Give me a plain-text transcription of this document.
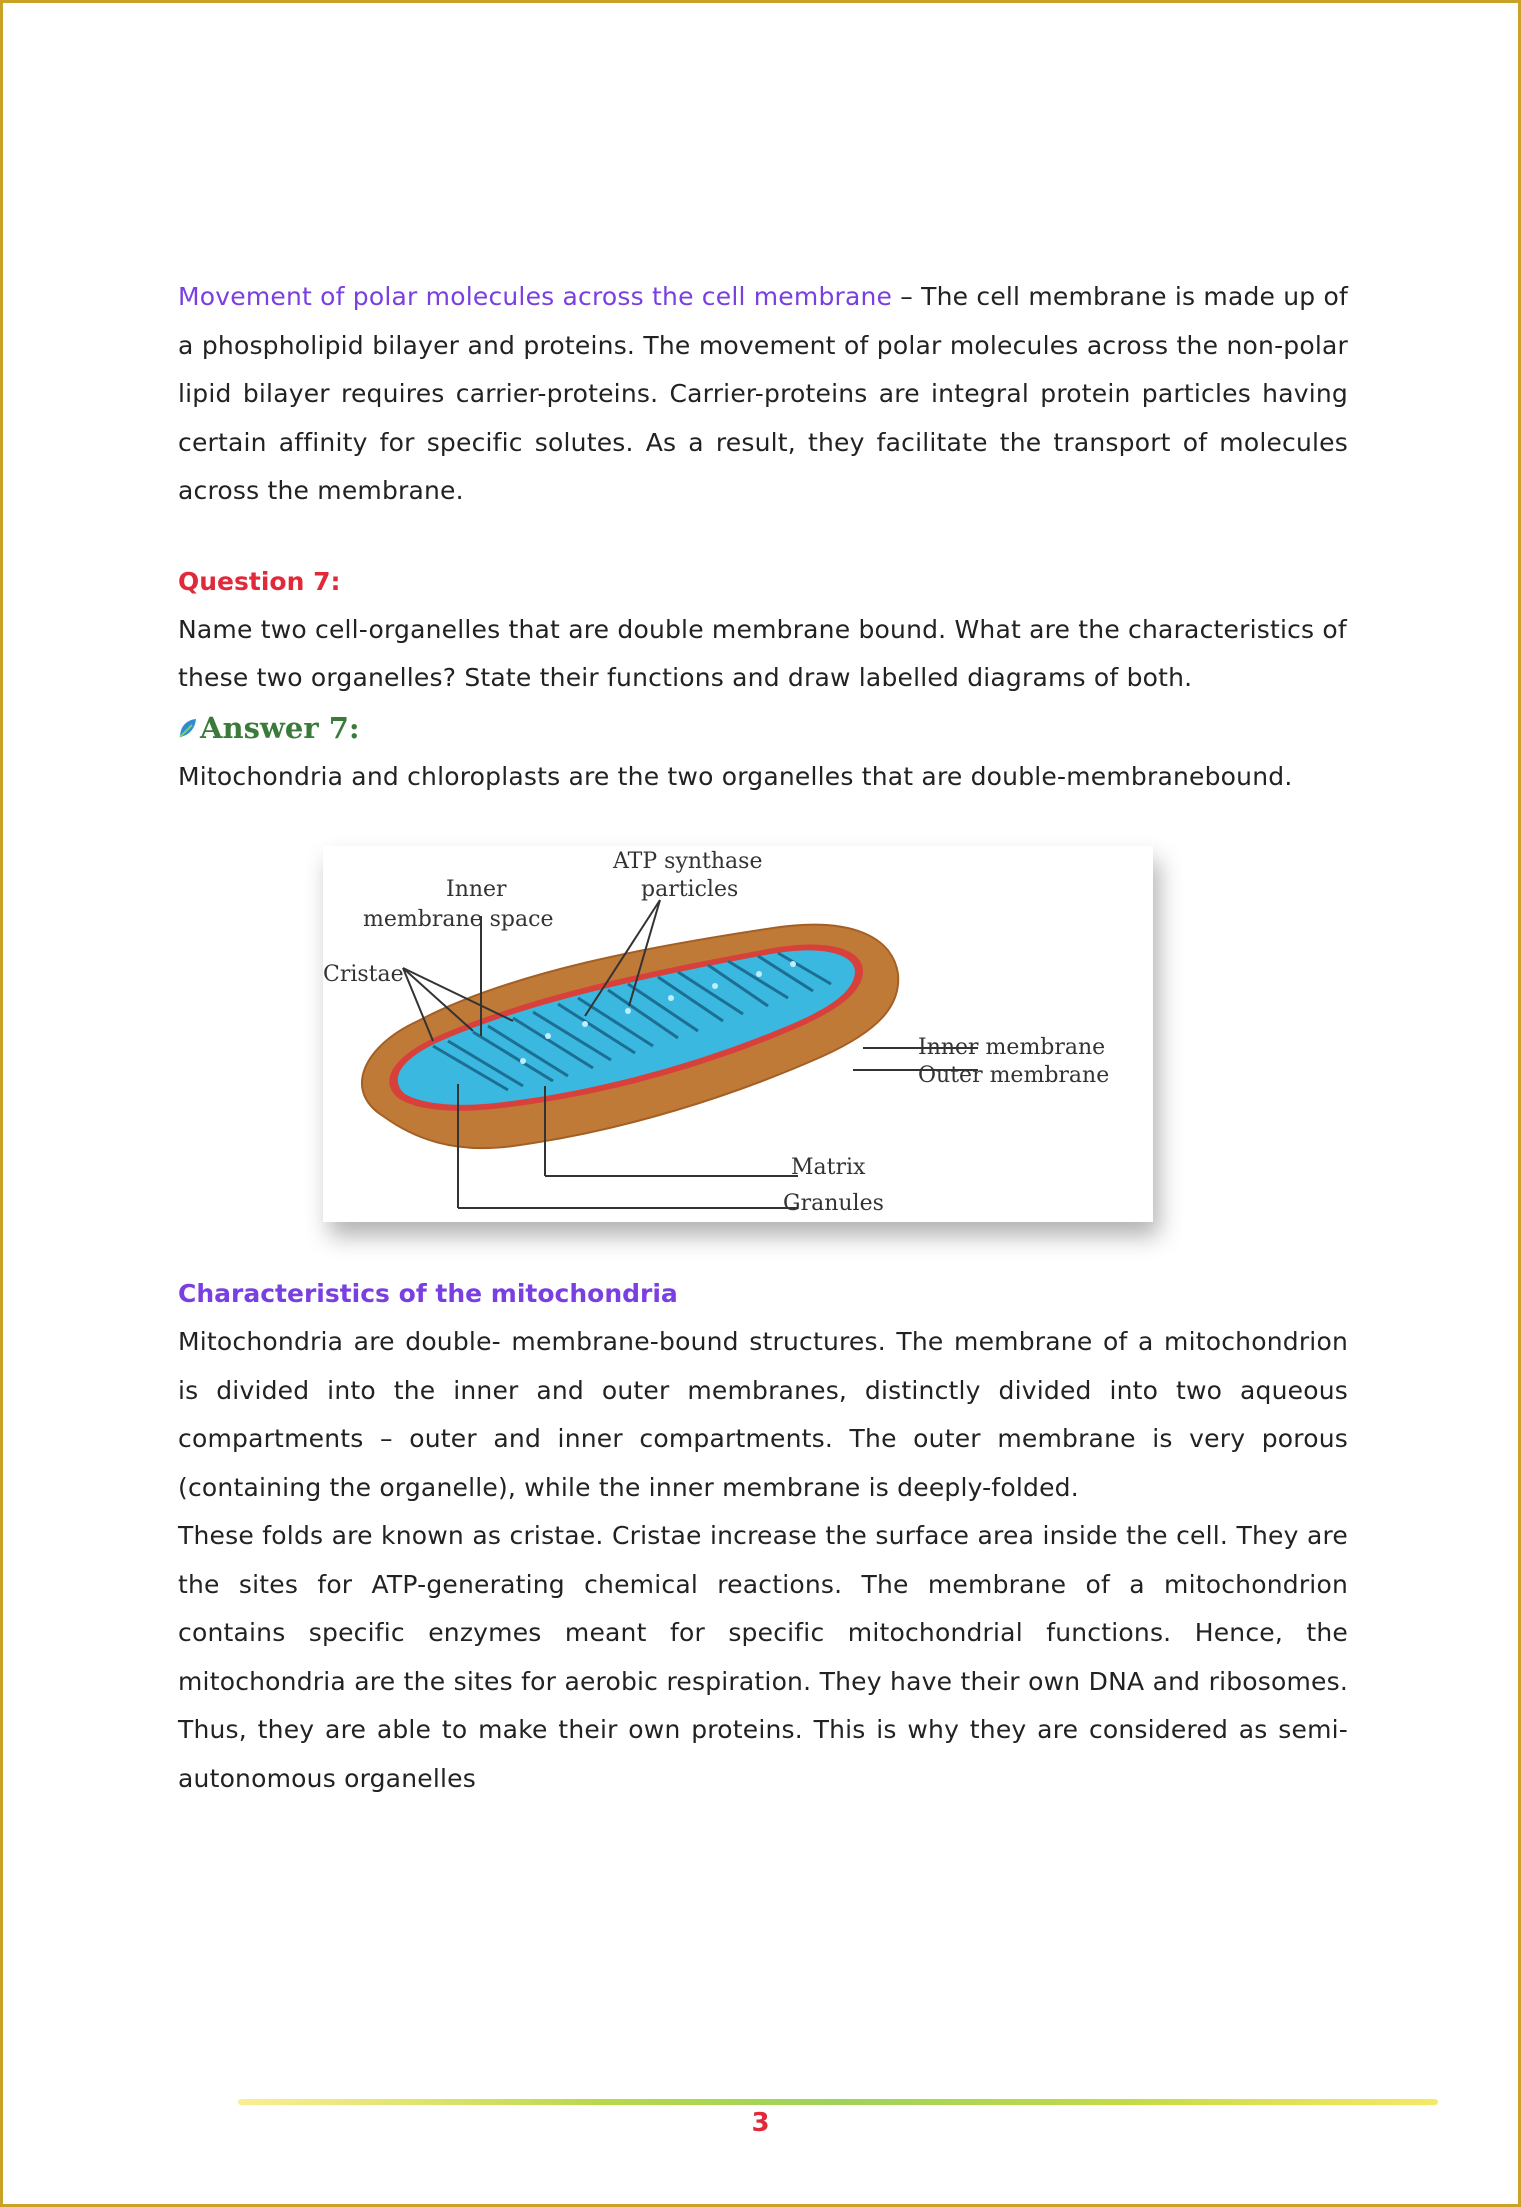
Movement of polar molecules across the cell membrane – The cell membrane is made up of a phospholipid bilayer and proteins. The movement of polar molecules across the non-polar lipid bilayer requires carrier-proteins. Carrier-proteins are integral protein particles having certain affinity for specific solutes. As a result, they facilitate the transport of molecules across the membrane.

Question 7:

Name two cell-organelles that are double membrane bound. What are the characteristics of these two organelles? State their functions and draw labelled diagrams of both.

Answer 7:

Mitochondria and chloroplasts are the two organelles that are double-membranebound.

ATP synthase
particles
Inner
membrane space
Cristae
Inner membrane
Outer membrane
Matrix
Granules
Characteristics of the mitochondria

Mitochondria are double- membrane-bound structures. The membrane of a mitochondrion is divided into the inner and outer membranes, distinctly divided into two aqueous compartments – outer and inner compartments. The outer membrane is very porous (containing the organelle), while the inner membrane is deeply-folded.

These folds are known as cristae. Cristae increase the surface area inside the cell. They are the sites for ATP-generating chemical reactions. The membrane of a mitochondrion contains specific enzymes meant for specific mitochondrial functions. Hence, the mitochondria are the sites for aerobic respiration. They have their own DNA and ribosomes. Thus, they are able to make their own proteins. This is why they are considered as semi-autonomous organelles

3
